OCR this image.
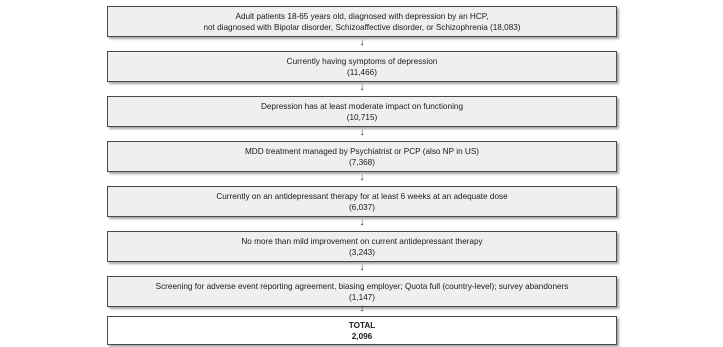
Adult patients 18-65 years old, diagnosed with depression by an HCP,
not diagnosed with Bipolar disorder, Schizoaffective disorder, or Schizophrenia (18,083)
↓
Currently having symptoms of depression
(11,466)
↓
Depression has at least moderate impact on functioning
(10,715)
↓
MDD treatment managed by Psychiatrist or PCP (also NP in US)
(7,368)
↓
Currently on an antidepressant therapy for at least 6 weeks at an adequate dose
(6,037)
↓
No more than mild improvement on current antidepressant therapy
(3,243)
↓
Screening for adverse event reporting agreement, biasing employer; Quota full (country-level); survey abandoners
(1,147)
↓
TOTAL
2,096
